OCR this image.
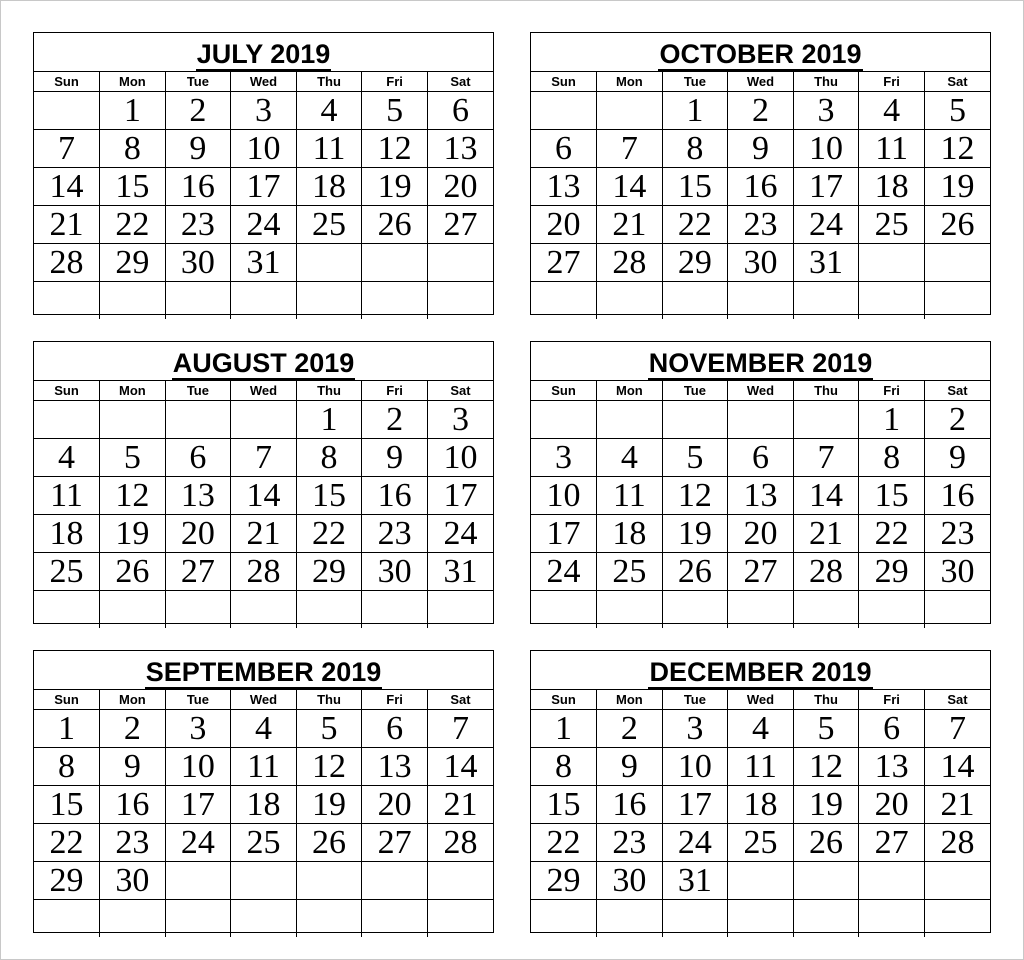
JULY 2019
Sun	Mon	Tue	Wed	Thu	Fri	Sat

	1	2	3	4	5	6

7	8	9	10	11	12	13

14	15	16	17	18	19	20

21	22	23	24	25	26	27

28	29	30	31			

OCTOBER 2019
Sun	Mon	Tue	Wed	Thu	Fri	Sat

		1	2	3	4	5

6	7	8	9	10	11	12

13	14	15	16	17	18	19

20	21	22	23	24	25	26

27	28	29	30	31		

AUGUST 2019
Sun	Mon	Tue	Wed	Thu	Fri	Sat

				1	2	3

4	5	6	7	8	9	10

11	12	13	14	15	16	17

18	19	20	21	22	23	24

25	26	27	28	29	30	31

NOVEMBER 2019
Sun	Mon	Tue	Wed	Thu	Fri	Sat

					1	2

3	4	5	6	7	8	9

10	11	12	13	14	15	16

17	18	19	20	21	22	23

24	25	26	27	28	29	30

SEPTEMBER 2019
Sun	Mon	Tue	Wed	Thu	Fri	Sat

1	2	3	4	5	6	7

8	9	10	11	12	13	14

15	16	17	18	19	20	21

22	23	24	25	26	27	28

29	30					

DECEMBER 2019
Sun	Mon	Tue	Wed	Thu	Fri	Sat

1	2	3	4	5	6	7

8	9	10	11	12	13	14

15	16	17	18	19	20	21

22	23	24	25	26	27	28

29	30	31				
